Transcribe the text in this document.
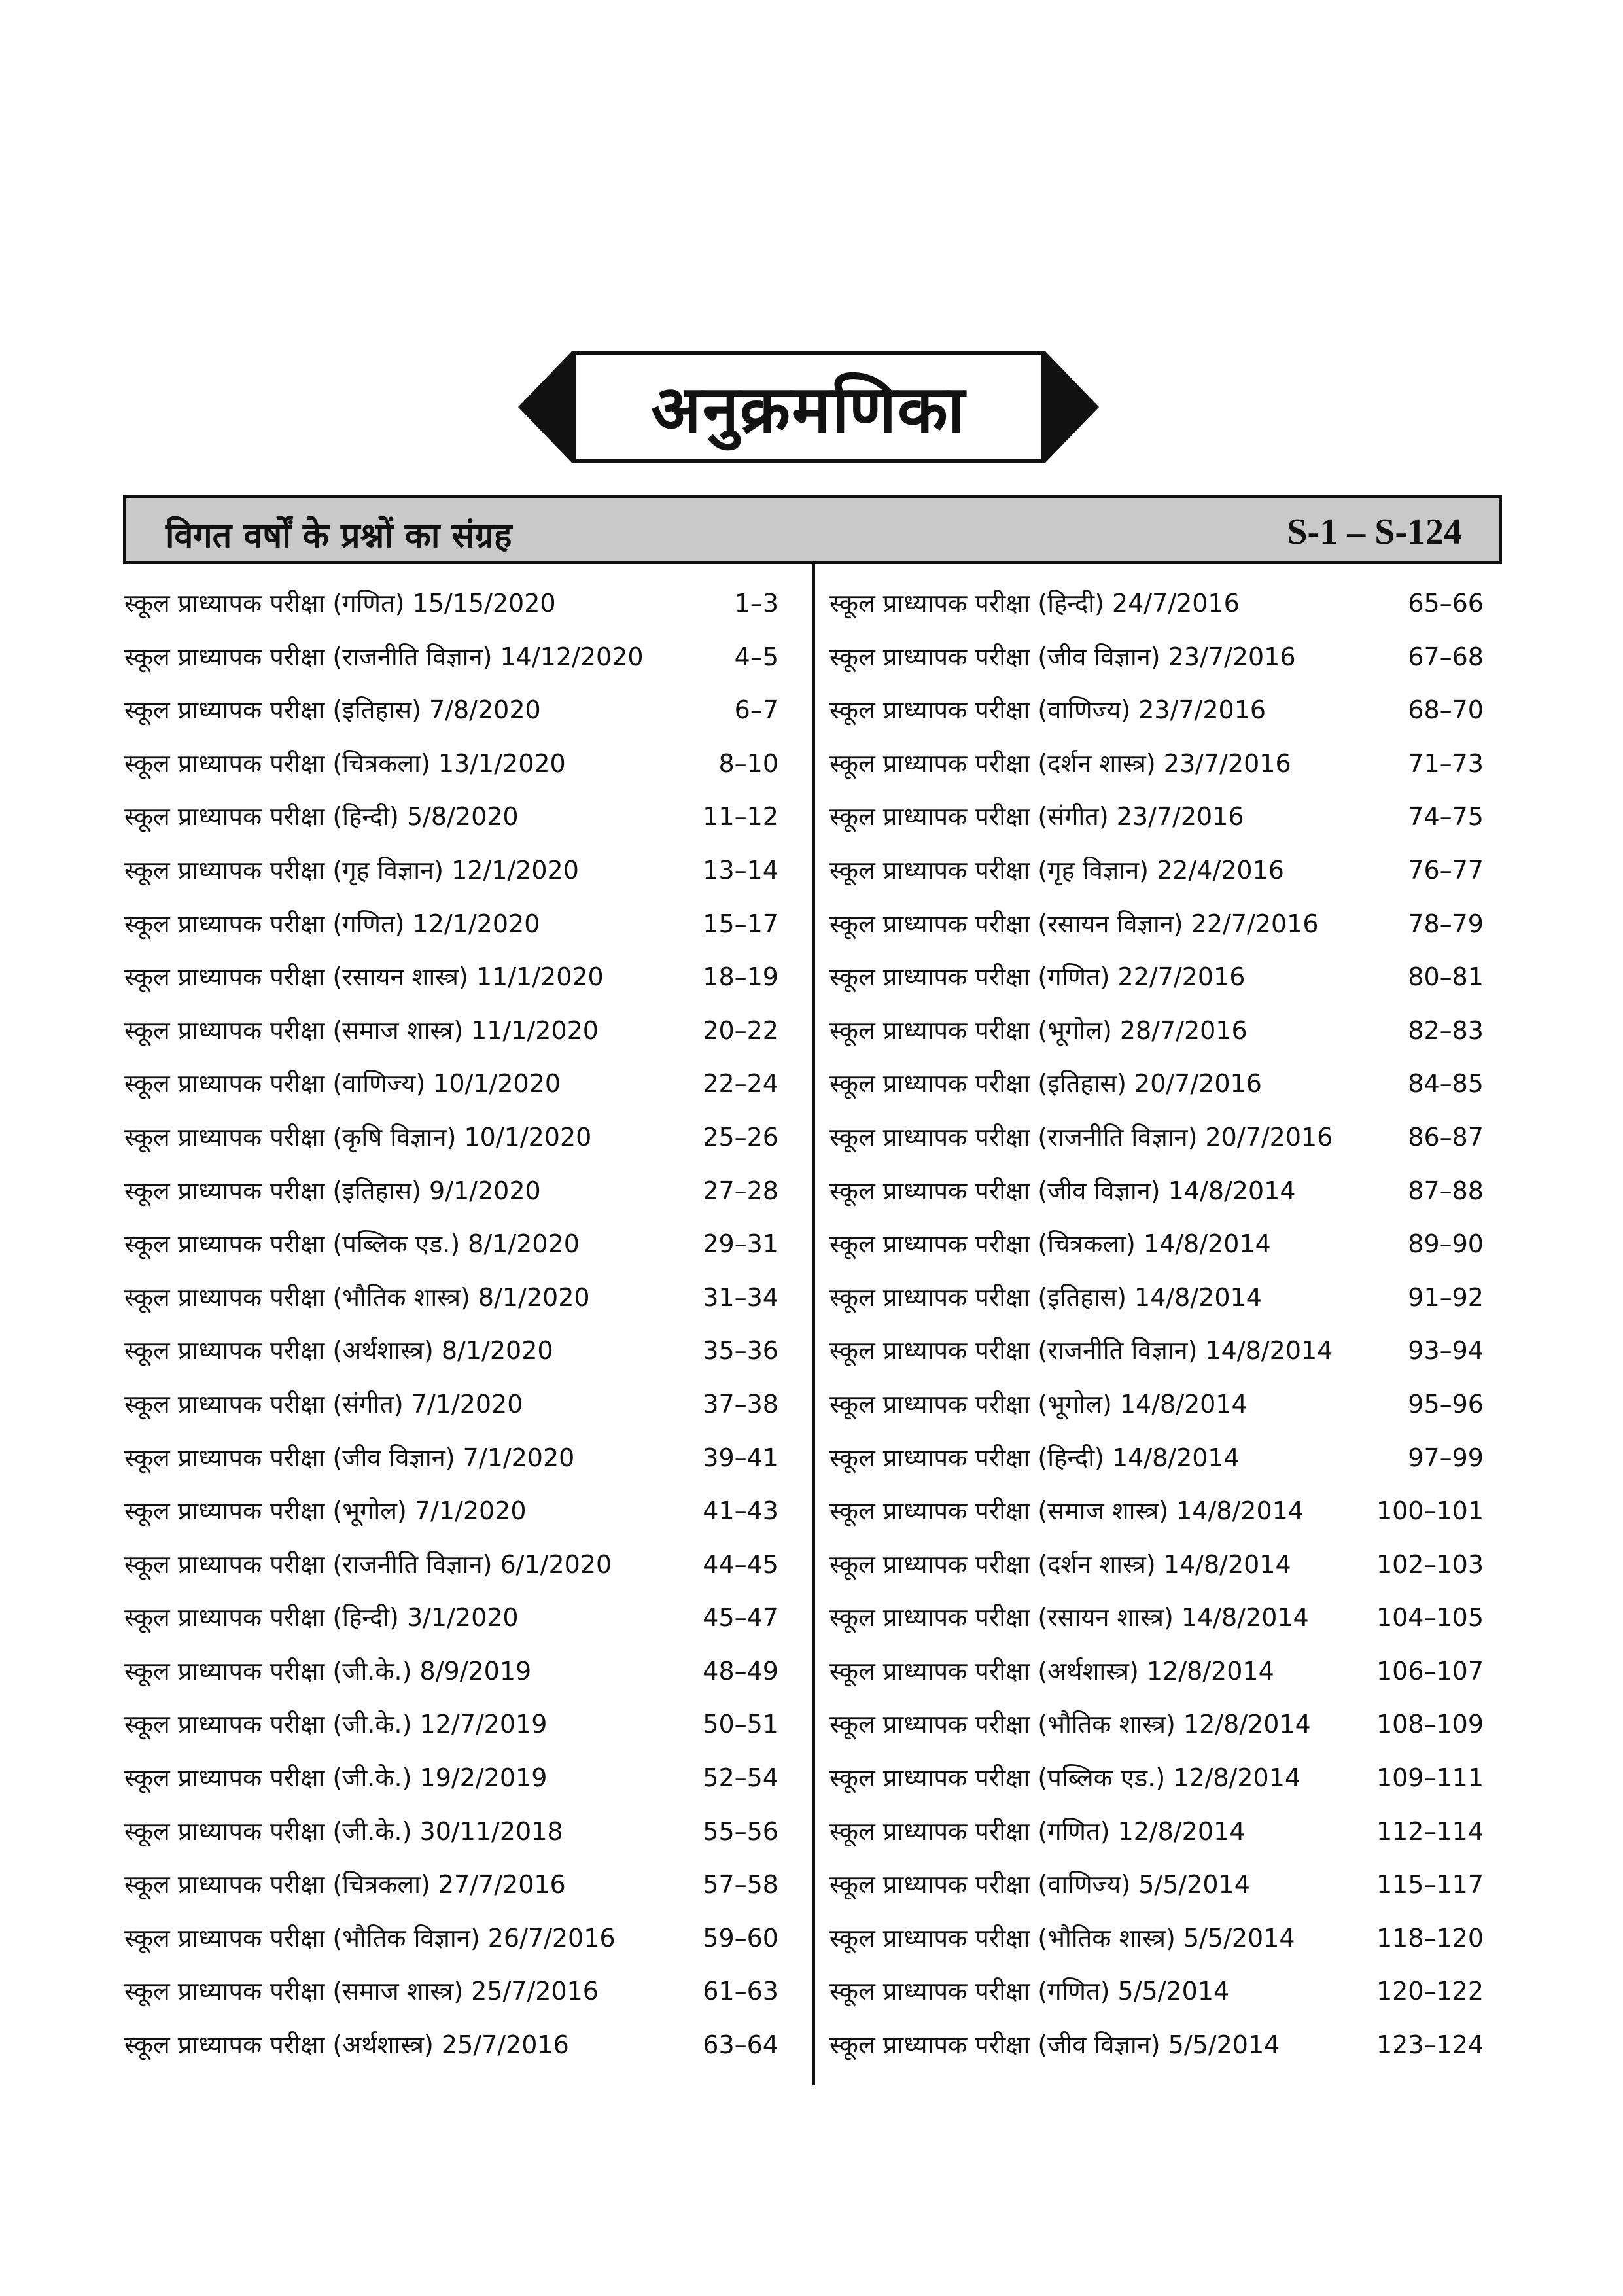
अनुक्रमणिका
विगत वर्षों के प्रश्नों का संग्रह	S-1 – S-124
स्कूल प्राध्यापक परीक्षा (गणित) 15/15/2020	1–3
स्कूल प्राध्यापक परीक्षा (राजनीति विज्ञान) 14/12/2020	4–5
स्कूल प्राध्यापक परीक्षा (इतिहास) 7/8/2020	6–7
स्कूल प्राध्यापक परीक्षा (चित्रकला) 13/1/2020	8–10
स्कूल प्राध्यापक परीक्षा (हिन्दी) 5/8/2020	11–12
स्कूल प्राध्यापक परीक्षा (गृह विज्ञान) 12/1/2020	13–14
स्कूल प्राध्यापक परीक्षा (गणित) 12/1/2020	15–17
स्कूल प्राध्यापक परीक्षा (रसायन शास्त्र) 11/1/2020	18–19
स्कूल प्राध्यापक परीक्षा (समाज शास्त्र) 11/1/2020	20–22
स्कूल प्राध्यापक परीक्षा (वाणिज्य) 10/1/2020	22–24
स्कूल प्राध्यापक परीक्षा (कृषि विज्ञान) 10/1/2020	25–26
स्कूल प्राध्यापक परीक्षा (इतिहास) 9/1/2020	27–28
स्कूल प्राध्यापक परीक्षा (पब्लिक एड.) 8/1/2020	29–31
स्कूल प्राध्यापक परीक्षा (भौतिक शास्त्र) 8/1/2020	31–34
स्कूल प्राध्यापक परीक्षा (अर्थशास्त्र) 8/1/2020	35–36
स्कूल प्राध्यापक परीक्षा (संगीत) 7/1/2020	37–38
स्कूल प्राध्यापक परीक्षा (जीव विज्ञान) 7/1/2020	39–41
स्कूल प्राध्यापक परीक्षा (भूगोल) 7/1/2020	41–43
स्कूल प्राध्यापक परीक्षा (राजनीति विज्ञान) 6/1/2020	44–45
स्कूल प्राध्यापक परीक्षा (हिन्दी) 3/1/2020	45–47
स्कूल प्राध्यापक परीक्षा (जी.के.) 8/9/2019	48–49
स्कूल प्राध्यापक परीक्षा (जी.के.) 12/7/2019	50–51
स्कूल प्राध्यापक परीक्षा (जी.के.) 19/2/2019	52–54
स्कूल प्राध्यापक परीक्षा (जी.के.) 30/11/2018	55–56
स्कूल प्राध्यापक परीक्षा (चित्रकला) 27/7/2016	57–58
स्कूल प्राध्यापक परीक्षा (भौतिक विज्ञान) 26/7/2016	59–60
स्कूल प्राध्यापक परीक्षा (समाज शास्त्र) 25/7/2016	61–63
स्कूल प्राध्यापक परीक्षा (अर्थशास्त्र) 25/7/2016	63–64
स्कूल प्राध्यापक परीक्षा (हिन्दी) 24/7/2016	65–66
स्कूल प्राध्यापक परीक्षा (जीव विज्ञान) 23/7/2016	67–68
स्कूल प्राध्यापक परीक्षा (वाणिज्य) 23/7/2016	68–70
स्कूल प्राध्यापक परीक्षा (दर्शन शास्त्र) 23/7/2016	71–73
स्कूल प्राध्यापक परीक्षा (संगीत) 23/7/2016	74–75
स्कूल प्राध्यापक परीक्षा (गृह विज्ञान) 22/4/2016	76–77
स्कूल प्राध्यापक परीक्षा (रसायन विज्ञान) 22/7/2016	78–79
स्कूल प्राध्यापक परीक्षा (गणित) 22/7/2016	80–81
स्कूल प्राध्यापक परीक्षा (भूगोल) 28/7/2016	82–83
स्कूल प्राध्यापक परीक्षा (इतिहास) 20/7/2016	84–85
स्कूल प्राध्यापक परीक्षा (राजनीति विज्ञान) 20/7/2016	86–87
स्कूल प्राध्यापक परीक्षा (जीव विज्ञान) 14/8/2014	87–88
स्कूल प्राध्यापक परीक्षा (चित्रकला) 14/8/2014	89–90
स्कूल प्राध्यापक परीक्षा (इतिहास) 14/8/2014	91–92
स्कूल प्राध्यापक परीक्षा (राजनीति विज्ञान) 14/8/2014	93–94
स्कूल प्राध्यापक परीक्षा (भूगोल) 14/8/2014	95–96
स्कूल प्राध्यापक परीक्षा (हिन्दी) 14/8/2014	97–99
स्कूल प्राध्यापक परीक्षा (समाज शास्त्र) 14/8/2014	100–101
स्कूल प्राध्यापक परीक्षा (दर्शन शास्त्र) 14/8/2014	102–103
स्कूल प्राध्यापक परीक्षा (रसायन शास्त्र) 14/8/2014	104–105
स्कूल प्राध्यापक परीक्षा (अर्थशास्त्र) 12/8/2014	106–107
स्कूल प्राध्यापक परीक्षा (भौतिक शास्त्र) 12/8/2014	108–109
स्कूल प्राध्यापक परीक्षा (पब्लिक एड.) 12/8/2014	109–111
स्कूल प्राध्यापक परीक्षा (गणित) 12/8/2014	112–114
स्कूल प्राध्यापक परीक्षा (वाणिज्य) 5/5/2014	115–117
स्कूल प्राध्यापक परीक्षा (भौतिक शास्त्र) 5/5/2014	118–120
स्कूल प्राध्यापक परीक्षा (गणित) 5/5/2014	120–122
स्कूल प्राध्यापक परीक्षा (जीव विज्ञान) 5/5/2014	123–124
